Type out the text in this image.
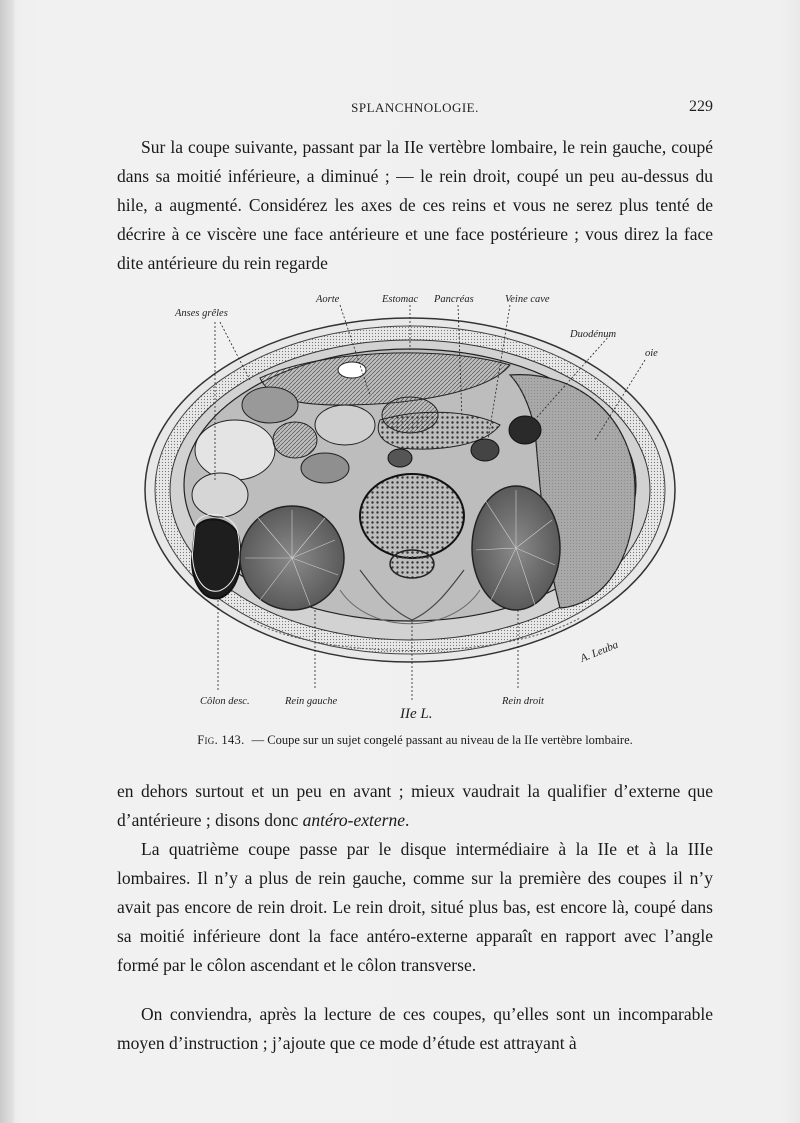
SPLANCHNOLOGIE.	229

Sur la coupe suivante, passant par la IIe vertèbre lombaire, le rein gauche, coupé dans sa moitié inférieure, a diminué ; — le rein droit, coupé un peu au-dessus du hile, a augmenté. Considérez les axes de ces reins et vous ne serez plus tenté de décrire à ce viscère une face antérieure et une face postérieure ; vous direz la face dite antérieure du rein regarde

Anses grêles
Aorte	Estomac Pancréas	Veine cave
Duodénum
oie
Côlon desc.	Rein gauche
IIe L.
Rein droit
A. Leuba
Fig. 143. — Coupe sur un sujet congelé passant au niveau de la IIe vertèbre lombaire.

en dehors surtout et un peu en avant ; mieux vaudrait la qualifier d’externe que d’antérieure ; disons donc antéro-externe.

La quatrième coupe passe par le disque intermédiaire à la IIe et à la IIIe lombaires. Il n’y a plus de rein gauche, comme sur la première des coupes il n’y avait pas encore de rein droit. Le rein droit, situé plus bas, est encore là, coupé dans sa moitié inférieure dont la face antéro-externe apparaît en rapport avec l’angle formé par le côlon ascendant et le côlon transverse.

On conviendra, après la lecture de ces coupes, qu’elles sont un incomparable moyen d’instruction ; j’ajoute que ce mode d’étude est attrayant à
